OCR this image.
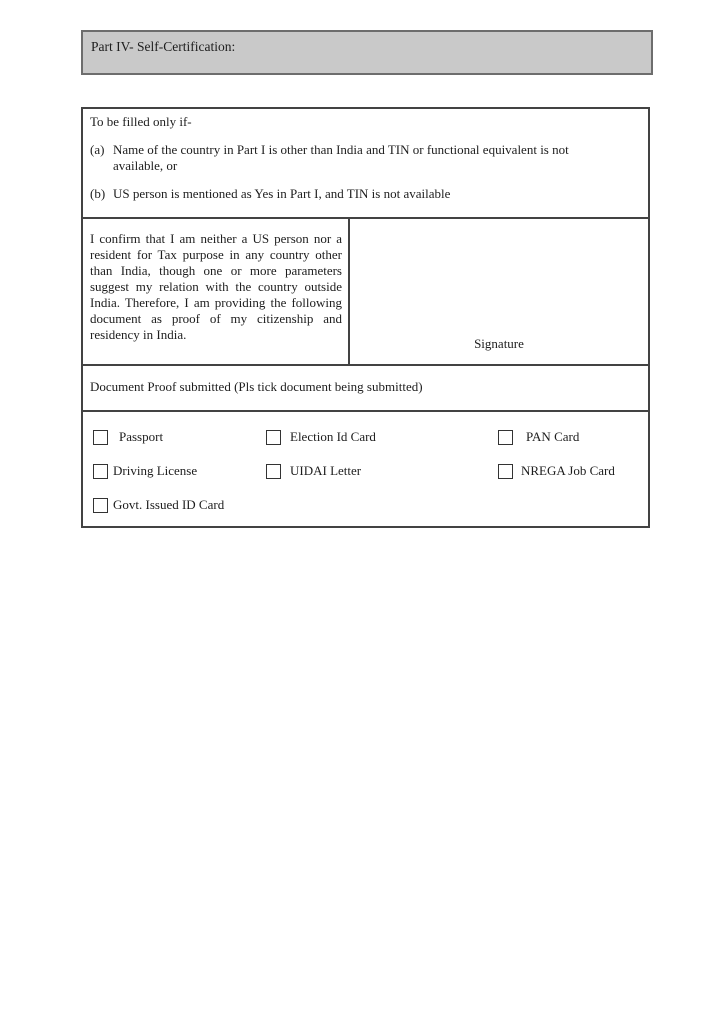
Part IV- Self-Certification:

To be filled only if-

(a) Name of the country in Part I is other than India and TIN or functional equivalent is not available, or
(b) US person is mentioned as Yes in Part I, and TIN is not available

I confirm that I am neither a US person nor a resident for Tax purpose in any country other than India, though one or more parameters suggest my relation with the country outside India. Therefore, I am providing the following document as proof of my citizenship and residency in India.

Signature
Document Proof submitted (Pls tick document being submitted)
Passport	Election Id Card	PAN Card
Driving License	UIDAI Letter	NREGA Job Card
Govt. Issued ID Card
